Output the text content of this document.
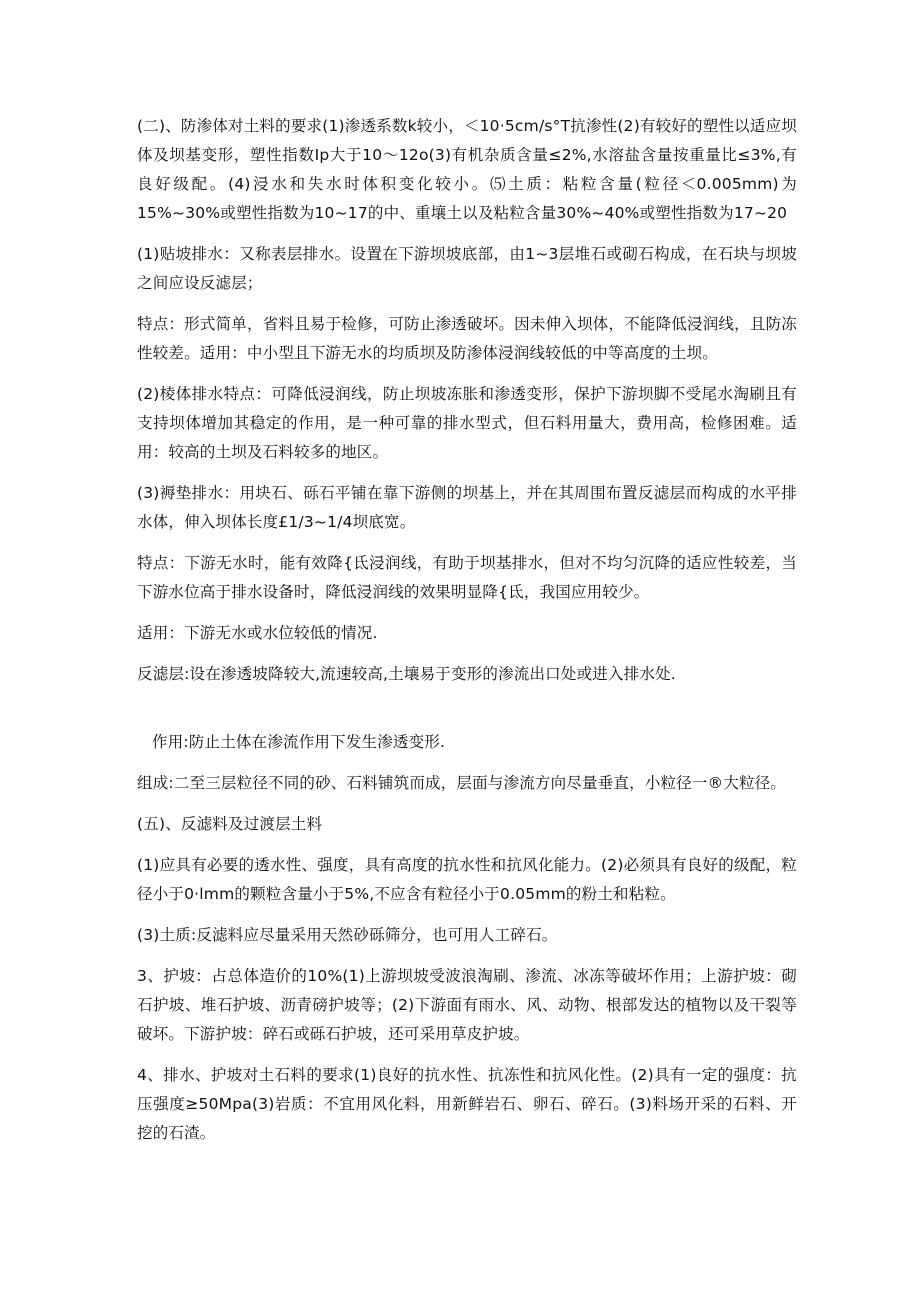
(二)、防渗体对土料的要求(1)渗透系数k较小，＜10·5cm∕s°T抗渗性(2)有较好的塑性以适应坝体及坝基变形，塑性指数Ip大于10～12o(3)有机杂质含量≤2%,水溶盐含量按重量比≤3%,有良好级配。(4)浸水和失水时体积变化较小。⑸土质：粘粒含量(粒径＜0.005mm)为15%~30%或塑性指数为10~17的中、重壤土以及粘粒含量30%~40%或塑性指数为17~20

(1)贴坡排水：又称表层排水。设置在下游坝坡底部，由1~3层堆石或砌石构成，在石块与坝坡之间应设反滤层；

特点：形式简单，省料且易于检修，可防止渗透破坏。因未伸入坝体，不能降低浸润线，且防冻性较差。适用：中小型且下游无水的均质坝及防渗体浸润线较低的中等高度的土坝。

(2)棱体排水特点：可降低浸润线，防止坝坡冻胀和渗透变形，保护下游坝脚不受尾水淘刷且有支持坝体增加其稳定的作用，是一种可靠的排水型式，但石料用量大，费用高，检修困难。适用：较高的土坝及石料较多的地区。

(3)褥垫排水：用块石、砾石平铺在靠下游侧的坝基上，并在其周围布置反滤层而构成的水平排水体，伸入坝体长度£1/3~1/4坝底宽。

特点：下游无水时，能有效降{氐浸润线，有助于坝基排水，但对不均匀沉降的适应性较差，当下游水位高于排水设备时，降低浸润线的效果明显降{氐，我国应用较少。

适用：下游无水或水位较低的情况.

反滤层:设在渗透坡降较大,流速较高,土壤易于变形的渗流出口处或进入排水处.

作用:防止土体在渗流作用下发生渗透变形.

组成:二至三层粒径不同的砂、石料铺筑而成，层面与渗流方向尽量垂直，小粒径一®大粒径。

(五)、反滤料及过渡层土料

(1)应具有必要的透水性、强度，具有高度的抗水性和抗风化能力。(2)必须具有良好的级配，粒径小于0·lmm的颗粒含量小于5%,不应含有粒径小于0.05mm的粉土和粘粒。

(3)土质:反滤料应尽量采用天然砂砾筛分，也可用人工碎石。

3、护坡：占总体造价的10%(1)上游坝坡受波浪淘刷、渗流、冰冻等破坏作用；上游护坡：砌石护坡、堆石护坡、沥青磅护坡等；(2)下游面有雨水、风、动物、根部发达的植物以及干裂等破坏。下游护坡：碎石或砾石护坡，还可采用草皮护坡。

4、排水、护坡对土石料的要求(1)良好的抗水性、抗冻性和抗风化性。(2)具有一定的强度：抗压强度≥50Mpa(3)岩质：不宜用风化料，用新鲜岩石、卵石、碎石。(3)料场开采的石料、开挖的石渣。
